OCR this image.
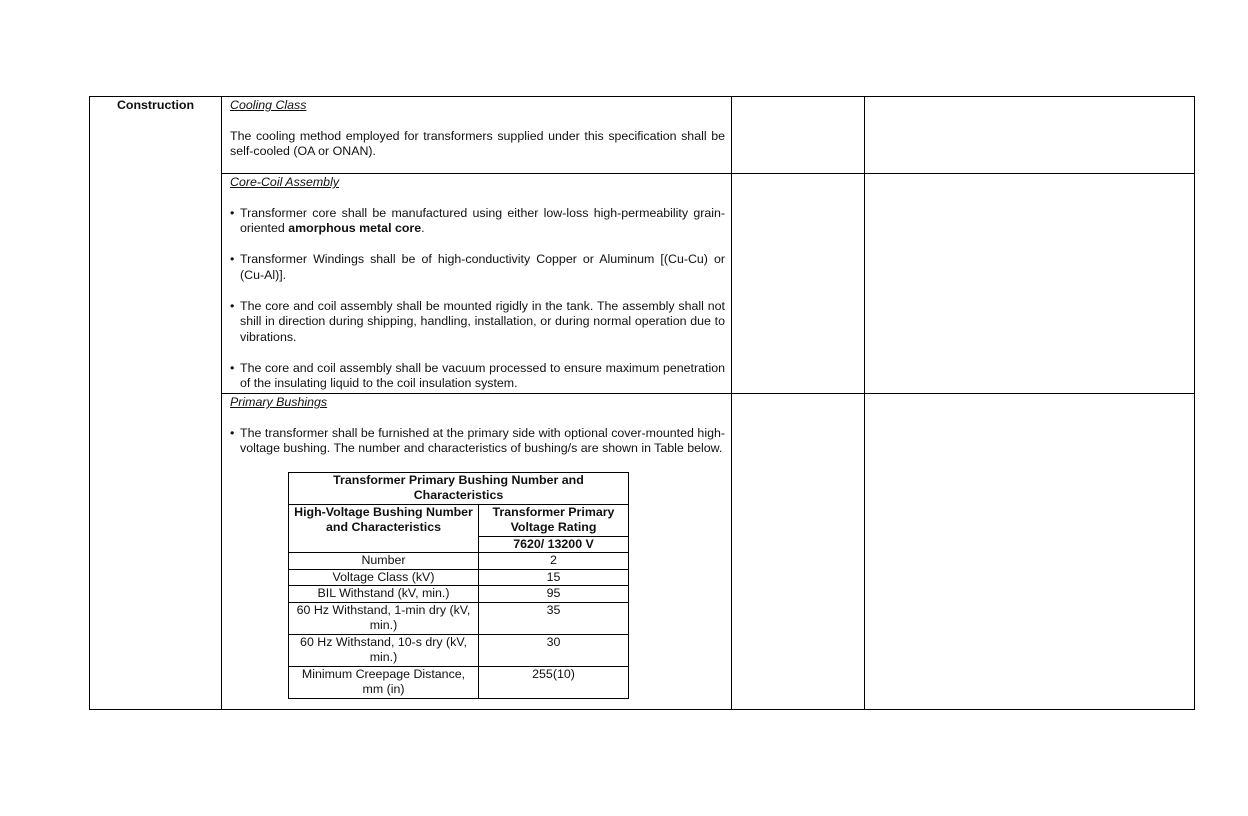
Construction	Cooling Class

The cooling method employed for transformers supplied under this specification shall be self-cooled (OA or ONAN).

Core-Coil Assembly
• Transformer core shall be manufactured using either low-loss high-permeability grain-oriented amorphous metal core.
• Transformer Windings shall be of high-conductivity Copper or Aluminum [(Cu-Cu) or (Cu-Al)].
• The core and coil assembly shall be mounted rigidly in the tank. The assembly shall not shill in direction during shipping, handling, installation, or during normal operation due to vibrations.
• The core and coil assembly shall be vacuum processed to ensure maximum penetration of the insulating liquid to the coil insulation system.

Primary Bushings
• The transformer shall be furnished at the primary side with optional cover-mounted high-voltage bushing. The number and characteristics of bushing/s are shown in Table below.
Transformer Primary Bushing Number and Characteristics
High-Voltage Bushing Number and Characteristics	Transformer Primary Voltage Rating
7620/ 13200 V
Number	2
Voltage Class (kV)	15
BIL Withstand (kV, min.)	95
60 Hz Withstand, 1-min dry (kV, min.)	35
60 Hz Withstand, 10-s dry (kV, min.)	30
Minimum Creepage Distance, mm (in)	255(10)
